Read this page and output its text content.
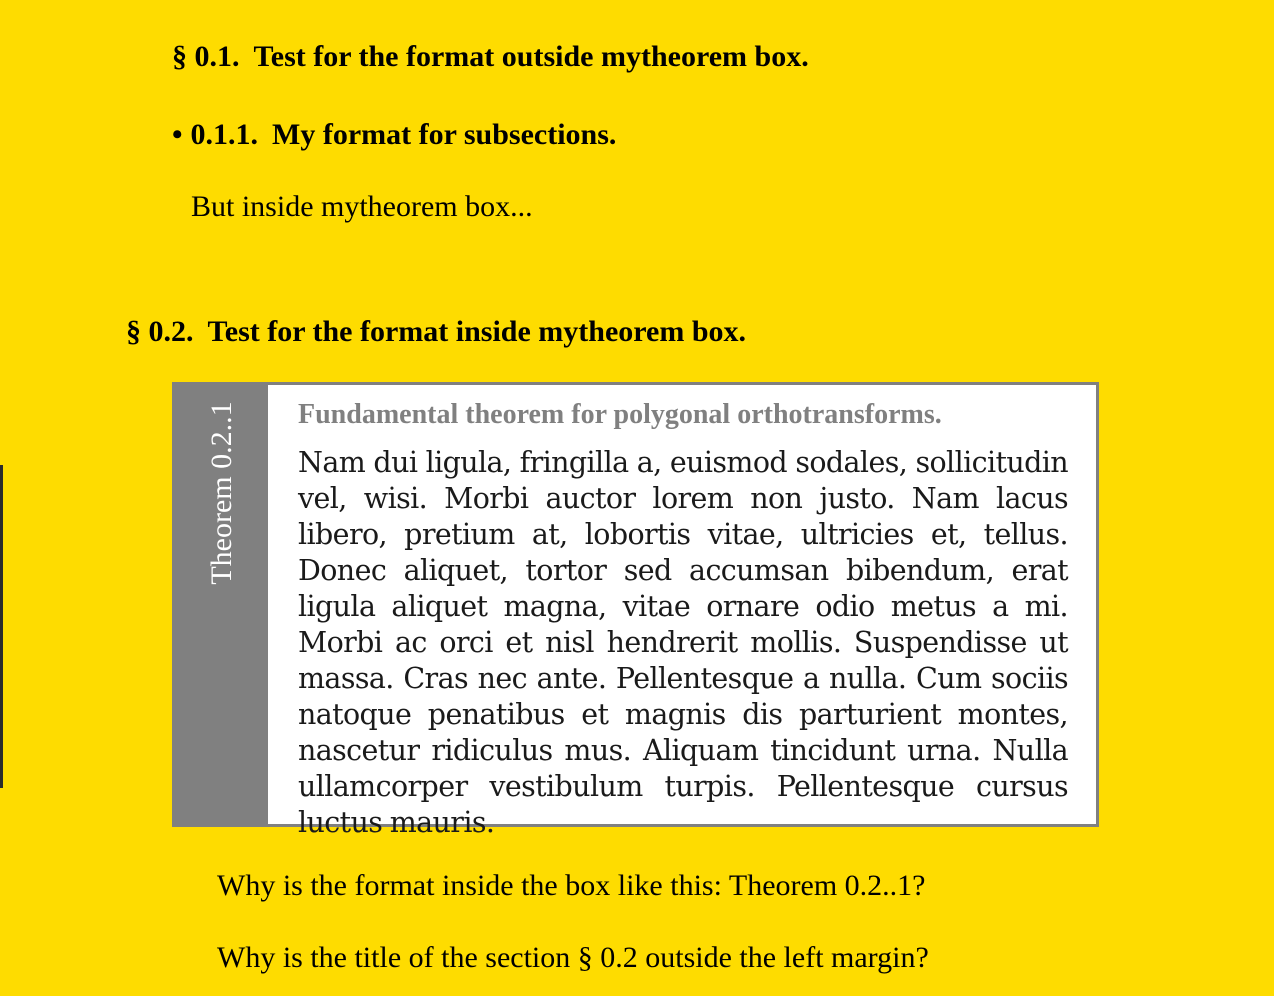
§ 0.1. Test for the format outside mytheorem box.
• 0.1.1. My format for subsections.

But inside mytheorem box...

§ 0.2. Test for the format inside mytheorem box.
Theorem 0.2..1 Fundamental theorem for polygonal orthotransforms.

Nam dui ligula, fringilla a, euismod sodales, sollicitudin vel, wisi. Morbi auctor lorem non justo. Nam lacus libero, pretium at, lobortis vitae, ultricies et, tellus. Donec aliquet, tortor sed accumsan bibendum, erat ligula aliquet magna, vitae ornare odio metus a mi. Morbi ac orci et nisl hendrerit mollis. Suspendisse ut massa. Cras nec ante. Pellentesque a nulla. Cum sociis natoque penatibus et magnis dis parturient montes, nascetur ridiculus mus. Aliquam tincidunt urna. Nulla ullamcorper vestibulum turpis. Pellentesque cursus luctus mauris.

Why is the format inside the box like this: Theorem 0.2..1?

Why is the title of the section § 0.2 outside the left margin?
